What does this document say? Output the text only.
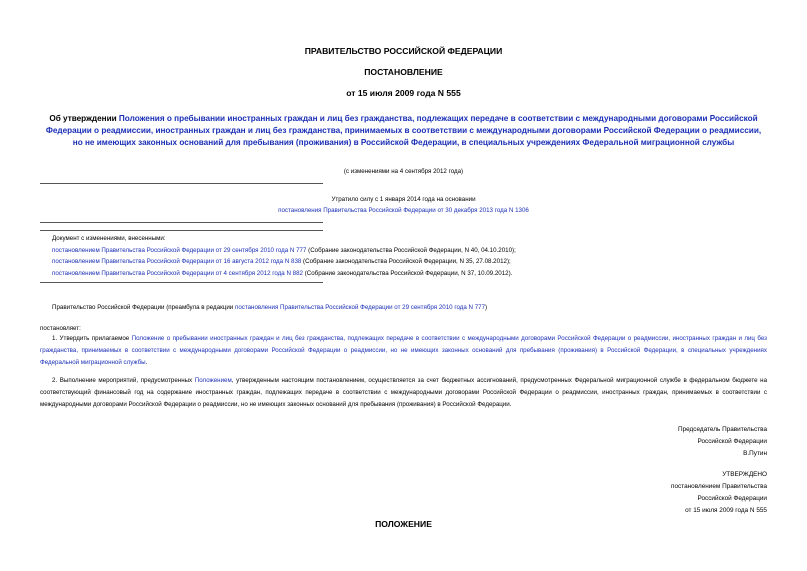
ПРАВИТЕЛЬСТВО РОССИЙСКОЙ ФЕДЕРАЦИИ
ПОСТАНОВЛЕНИЕ
от 15 июля 2009 года N 555
Об утверждении Положения о пребывании иностранных граждан и лиц без гражданства, подлежащих передаче в соответствии с международными договорами Российской Федерации о реадмиссии, иностранных граждан и лиц без гражданства, принимаемых в соответствии с международными договорами Российской Федерации о реадмиссии, но не имеющих законных оснований для пребывания (проживания) в Российской Федерации, в специальных учреждениях Федеральной миграционной службы
(с изменениями на 4 сентября 2012 года)
Утратило силу с 1 января 2014 года на основании
постановления Правительства Российской Федерации от 30 декабря 2013 года N 1306
Документ с изменениями, внесенными:
постановлением Правительства Российской Федерации от 29 сентября 2010 года N 777 (Собрание законодательства Российской Федерации, N 40, 04.10.2010);
постановлением Правительства Российской Федерации от 16 августа 2012 года N 838 (Собрание законодательства Российской Федерации, N 35, 27.08.2012);
постановлением Правительства Российской Федерации от 4 сентября 2012 года N 882 (Собрание законодательства Российской Федерации, N 37, 10.09.2012).
Правительство Российской Федерации (преамбула в редакции постановления Правительства Российской Федерации от 29 сентября 2010 года N 777)
постановляет:
1. Утвердить прилагаемое Положение о пребывании иностранных граждан и лиц без гражданства, подлежащих передаче в соответствии с международными договорами Российской Федерации о реадмиссии, иностранных граждан и лиц без гражданства, принимаемых в соответствии с международными договорами Российской Федерации о реадмиссии, но не имеющих законных оснований для пребывания (проживания) в Российской Федерации, в специальных учреждениях Федеральной миграционной службы.
2. Выполнение мероприятий, предусмотренных Положением, утвержденным настоящим постановлением, осуществляется за счет бюджетных ассигнований, предусмотренных Федеральной миграционной службе в федеральном бюджете на соответствующий финансовый год на содержание иностранных граждан, подлежащих передаче в соответствии с международными договорами Российской Федерации о реадмиссии, иностранных граждан, принимаемых в соответствии с международными договорами Российской Федерации о реадмиссии, но не имеющих законных оснований для пребывания (проживания) в Российской Федерации.
Председатель Правительства
Российской Федерации
В.Путин
УТВЕРЖДЕНО
постановлением Правительства
Российской Федерации
от 15 июля 2009 года N 555
ПОЛОЖЕНИЕ
